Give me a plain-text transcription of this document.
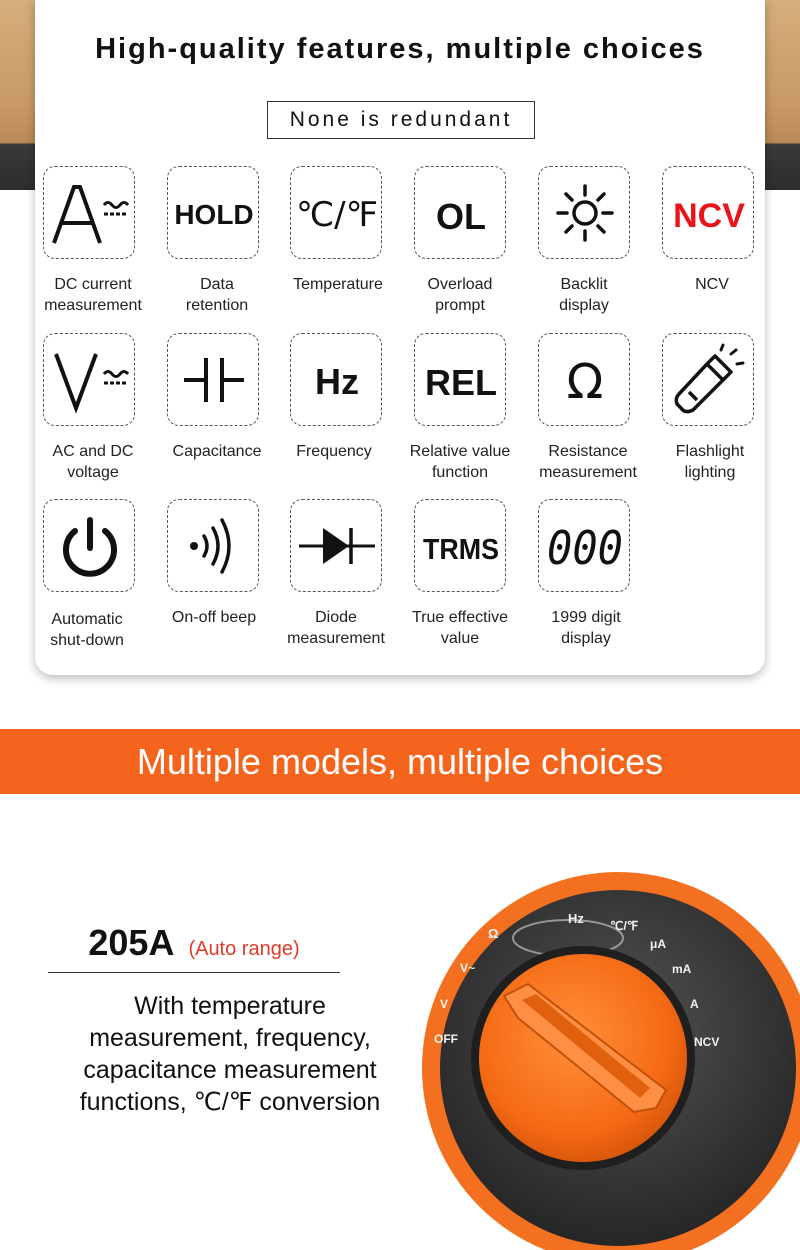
High-quality features, multiple choices
None is redundant
HOLD ℃/℉ OL	NCV
DC current
measurement
Data
retention
Temperature	Overload
prompt
Backlit
display
NCV
Hz REL Ω
AC and DC
voltage
Capacitance	Frequency	Relative value
function
Resistance
measurement
Flashlight
lighting
TRMS 000
Automatic
shut-down
On-off beep	Diode
measurement
True effective
value
1999 digit
display
Multiple models, multiple choices
205A (Auto range)
With temperature
measurement, frequency,
capacitance measurement
functions, ℃/℉ conversion
Ω
Hz ℃/℉
μA
mA
A
NCV
OFF
V
V~
